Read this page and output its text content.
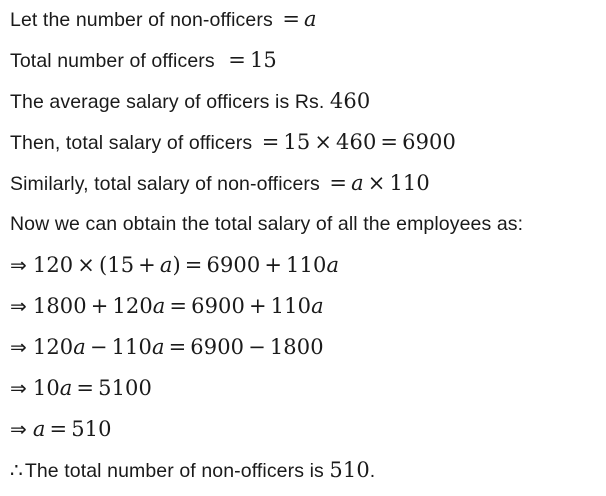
Let the number of non-officers = a
Total number of officers = 15
The average salary of officers is Rs. 460
Then, total salary of officers = 15 × 460 = 6900
Similarly, total salary of non-officers = a × 110
Now we can obtain the total salary of all the employees as:
⇒ 120 × (15 + a) = 6900 + 110a
⇒ 1800 + 120a = 6900 + 110a
⇒ 120a − 110a = 6900 − 1800
⇒ 10a = 5100
⇒ a = 510
∴ The total number of non-officers is 510.
